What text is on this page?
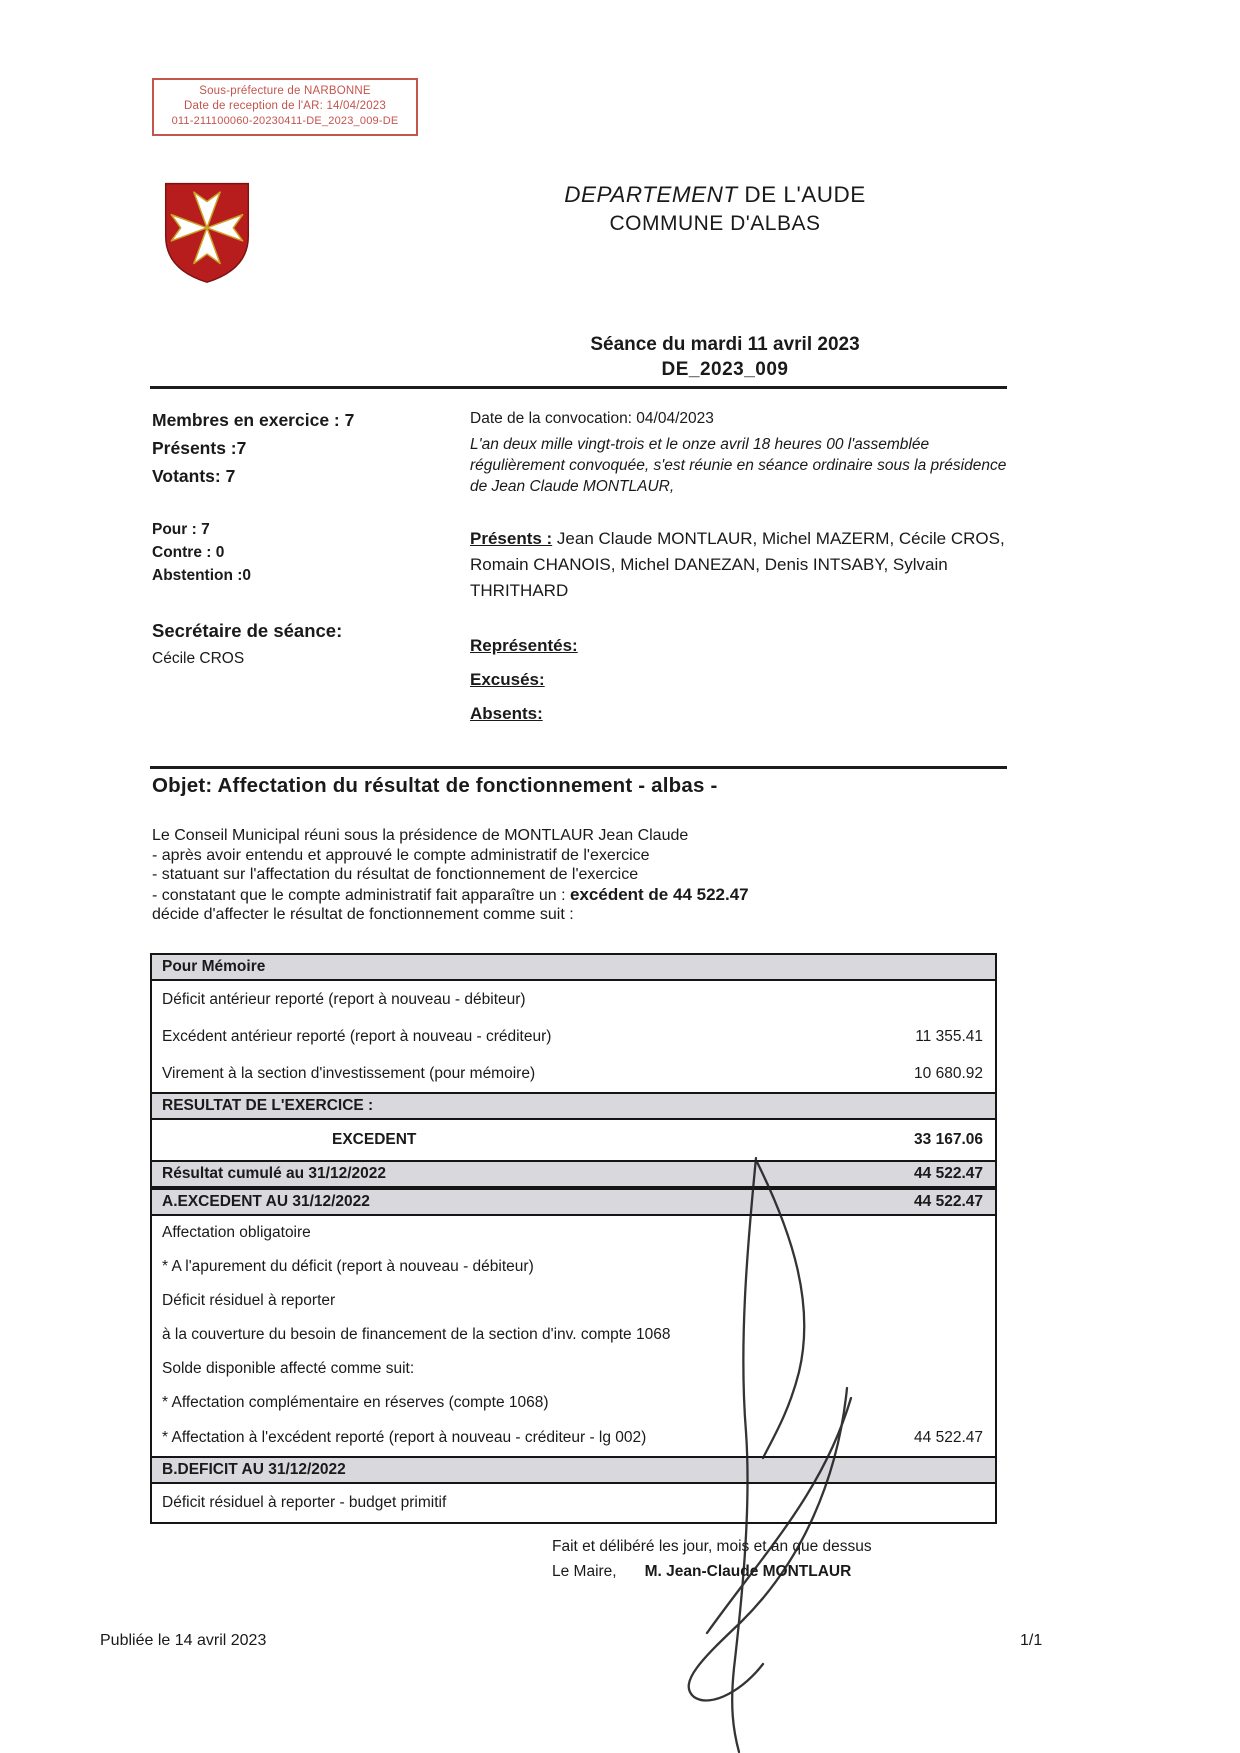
Sous-préfecture de NARBONNE
Date de reception de l'AR: 14/04/2023
011-211100060-20230411-DE_2023_009-DE
DEPARTEMENT DE L'AUDE
COMMUNE D'ALBAS
Séance du mardi 11 avril 2023
DE_2023_009
Membres en exercice : 7
Présents :7
Votants: 7
Pour : 7
Contre : 0
Abstention :0
Secrétaire de séance:
Cécile CROS
Date de la convocation: 04/04/2023
L'an deux mille vingt-trois et le onze avril 18 heures 00 l'assemblée régulièrement convoquée, s'est réunie en séance ordinaire sous la présidence de Jean Claude MONTLAUR,
Présents : Jean Claude MONTLAUR, Michel MAZERM, Cécile CROS, Romain CHANOIS, Michel DANEZAN, Denis INTSABY, Sylvain THRITHARD
Représentés:
Excusés:
Absents:
Objet: Affectation du résultat de fonctionnement - albas -
Le Conseil Municipal réuni sous la présidence de MONTLAUR Jean Claude
- après avoir entendu et approuvé le compte administratif de l'exercice
- statuant sur l'affectation du résultat de fonctionnement de l'exercice
- constatant que le compte administratif fait apparaître un : excédent de 44 522.47
décide d'affecter le résultat de fonctionnement comme suit :
Pour Mémoire
Déficit antérieur reporté (report à nouveau - débiteur)
Excédent antérieur reporté (report à nouveau - créditeur)	11 355.41
Virement à la section d'investissement (pour mémoire)	10 680.92
RESULTAT DE L'EXERCICE :
EXCEDENT	33 167.06
Résultat cumulé au 31/12/2022	44 522.47
A.EXCEDENT AU 31/12/2022	44 522.47
Affectation obligatoire
* A l'apurement du déficit (report à nouveau - débiteur)
Déficit résiduel à reporter
à la couverture du besoin de financement de la section d'inv. compte 1068
Solde disponible affecté comme suit:
* Affectation complémentaire en réserves (compte 1068)
* Affectation à l'excédent reporté (report à nouveau - créditeur - lg 002)	44 522.47
B.DEFICIT AU 31/12/2022
Déficit résiduel à reporter - budget primitif
Fait et délibéré les jour, mois et an que dessus
Le Maire, M. Jean-Claude MONTLAUR
Publiée le 14 avril 2023	1/1
